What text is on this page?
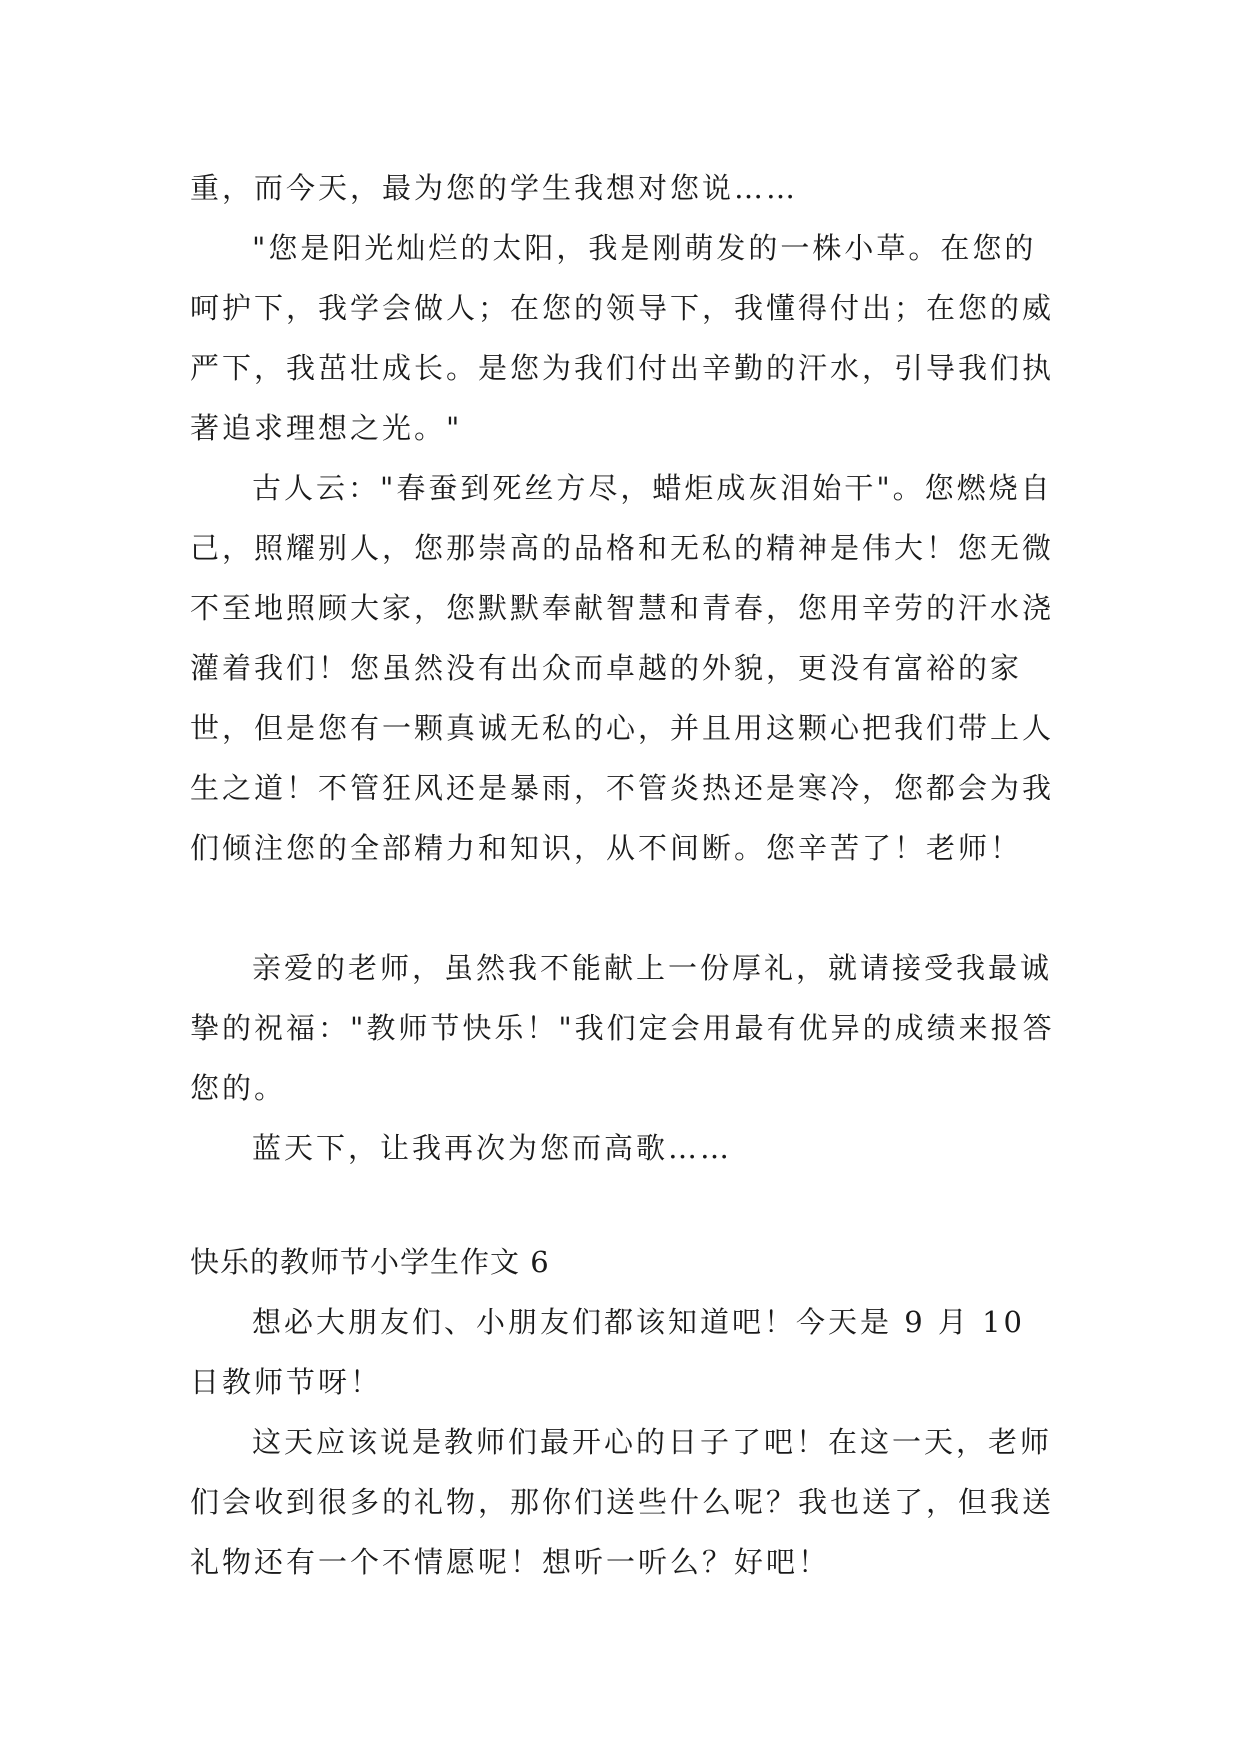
重，而今天，最为您的学生我想对您说……

"您是阳光灿烂的太阳，我是刚萌发的一株小草。在您的呵护下，我学会做人；在您的领导下，我懂得付出；在您的威严下，我茁壮成长。是您为我们付出辛勤的汗水，引导我们执著追求理想之光。"

古人云："春蚕到死丝方尽，蜡炬成灰泪始干"。您燃烧自己，照耀别人，您那崇高的品格和无私的精神是伟大！您无微不至地照顾大家，您默默奉献智慧和青春，您用辛劳的汗水浇灌着我们！您虽然没有出众而卓越的外貌，更没有富裕的家世，但是您有一颗真诚无私的心，并且用这颗心把我们带上人生之道！不管狂风还是暴雨，不管炎热还是寒冷，您都会为我们倾注您的全部精力和知识，从不间断。您辛苦了！老师！

亲爱的老师，虽然我不能献上一份厚礼，就请接受我最诚挚的祝福："教师节快乐！"我们定会用最有优异的成绩来报答您的。

蓝天下，让我再次为您而高歌……

快乐的教师节小学生作文 6

想必大朋友们、小朋友们都该知道吧！今天是 9 月 10 日教师节呀！

这天应该说是教师们最开心的日子了吧！在这一天，老师们会收到很多的礼物，那你们送些什么呢？我也送了，但我送礼物还有一个不情愿呢！想听一听么？好吧！
